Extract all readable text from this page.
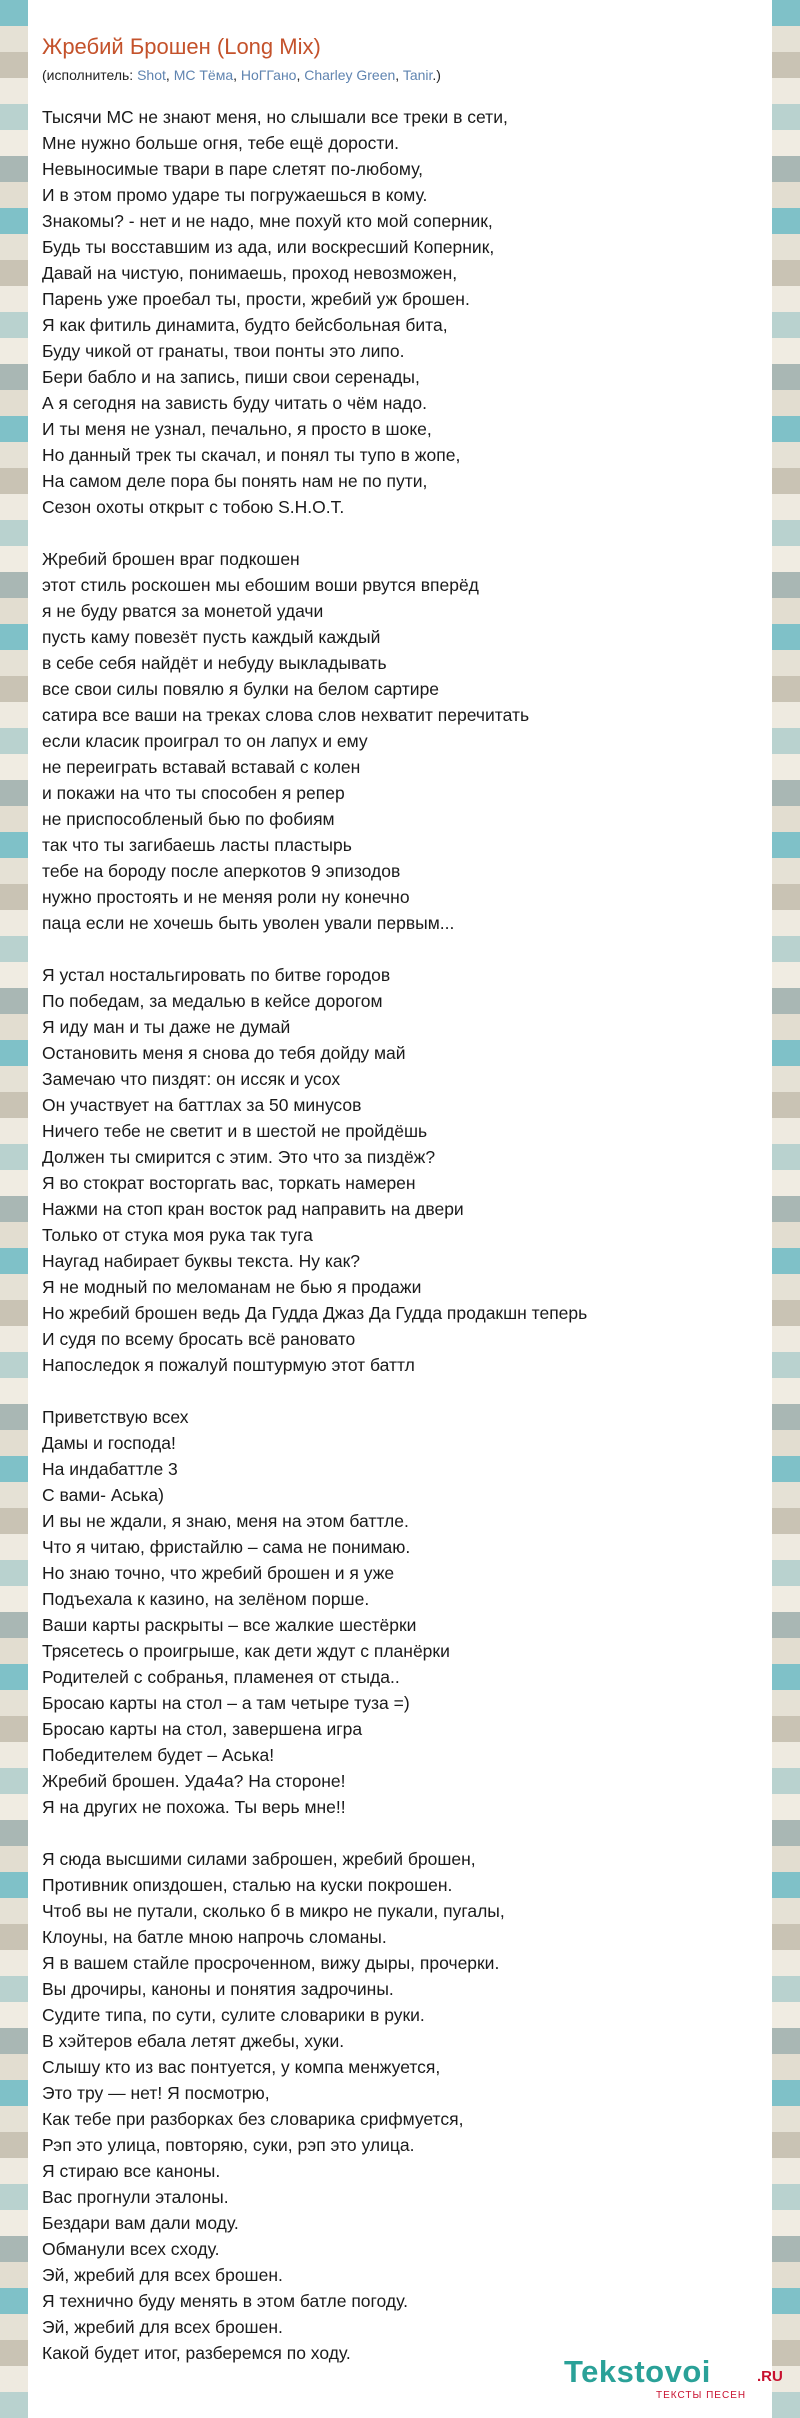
Жребий Брошен (Long Mix)
(исполнитель: Shot, MC Тёма, НоГГано, Charley Green, Tanir.)
Тысячи MC не знают меня, но слышали все треки в сети,
Мне нужно больше огня, тебе ещё дорости.
Невыносимые твари в паре слетят по-любому,
И в этом промо ударе ты погружаешься в кому.
Знакомы? - нет и не надо, мне похуй кто мой соперник,
Будь ты восставшим из ада, или воскресший Коперник,
Давай на чистую, понимаешь, проход невозможен,
Парень уже проебал ты, прости, жребий уж брошен.
Я как фитиль динамита, будто бейсбольная бита,
Буду чикой от гранаты, твои понты это липо.
Бери бабло и на запись, пиши свои серенады,
А я сегодня на зависть буду читать о чём надо.
И ты меня не узнал, печально, я просто в шоке,
Но данный трек ты скачал, и понял ты тупо в жопе,
На самом деле пора бы понять нам не по пути,
Сезон охоты открыт с тобою S.H.O.T.
Жребий брошен враг подкошен
этот стиль роскошен мы ебошим воши рвутся вперёд
я не буду рватся за монетой удачи
пусть каму повезёт пусть каждый каждый
в себе себя найдёт и небуду выкладывать
все свои силы повялю я булки на белом сартире
сатира все ваши на треках слова слов нехватит перечитать
если класик проиграл то он лапух и ему
не переиграть вставай вставай с колен
и покажи на что ты способен я репер
не приспособленый бью по фобиям
так что ты загибаешь ласты пластырь
тебе на бороду после аперкотов 9 эпизодов
нужно простоять и не меняя роли ну конечно
паца если не хочешь быть уволен ували первым...
Я устал ностальгировать по битве городов
По победам, за медалью в кейсе дорогом
Я иду ман и ты даже не думай
Остановить меня я снова до тебя дойду май
Замечаю что пиздят: он иссяк и усох
Он участвует на баттлах за 50 минусов
Ничего тебе не светит и в шестой не пройдёшь
Должен ты смирится с этим. Это что за пиздёж?
Я во стократ восторгать вас, торкать намерен
Нажми на стоп кран восток рад направить на двери
Только от стука моя рука так туга
Наугад набирает буквы текста. Ну как?
Я не модный по меломанам не бью я продажи
Но жребий брошен ведь Да Гудда Джаз Да Гудда продакшн теперь
И судя по всему бросать всё рановато
Напоследок я пожалуй поштурмую этот баттл
Приветствую всех
Дамы и господа!
На индабаттле 3
С вами- Аська)
И вы не ждали, я знаю, меня на этом баттле.
Что я читаю, фристайлю – сама не понимаю.
Но знаю точно, что жребий брошен и я уже
Подъехала к казино, на зелёном порше.
Ваши карты раскрыты – все жалкие шестёрки
Трясетесь о проигрыше, как дети ждут с планёрки
Родителей с собранья, пламенея от стыда..
Бросаю карты на стол – а там четыре туза =)
Бросаю карты на стол, завершена игра
Победителем будет – Аська!
Жребий брошен. Уда4а? На стороне!
Я на других не похожа. Ты верь мне!!
Я сюда высшими силами заброшен, жребий брошен,
Противник опиздошен, сталью на куски покрошен.
Чтоб вы не путали, сколько б в микро не пукали, пугалы,
Клоуны, на батле мною напрочь сломаны.
Я в вашем стайле просроченном, вижу дыры, прочерки.
Вы дрочиры, каноны и понятия задрочины.
Судите типа, по сути, сулите словарики в руки.
В хэйтеров ебала летят джебы, хуки.
Слышу кто из вас понтуется, у компа менжуется,
Это тру — нет! Я посмотрю,
Как тебе при разборках без словарика срифмуется,
Рэп это улица, повторяю, суки, рэп это улица.
Я стираю все каноны.
Вас прогнули эталоны.
Бездари вам дали моду.
Обманули всех сходу.
Эй, жребий для всех брошен.
Я технично буду менять в этом батле погоду.
Эй, жребий для всех брошен.
Какой будет итог, разберемся по ходу.
Tekstovoi	.RU
ТЕКСТЫ ПЕСЕН
